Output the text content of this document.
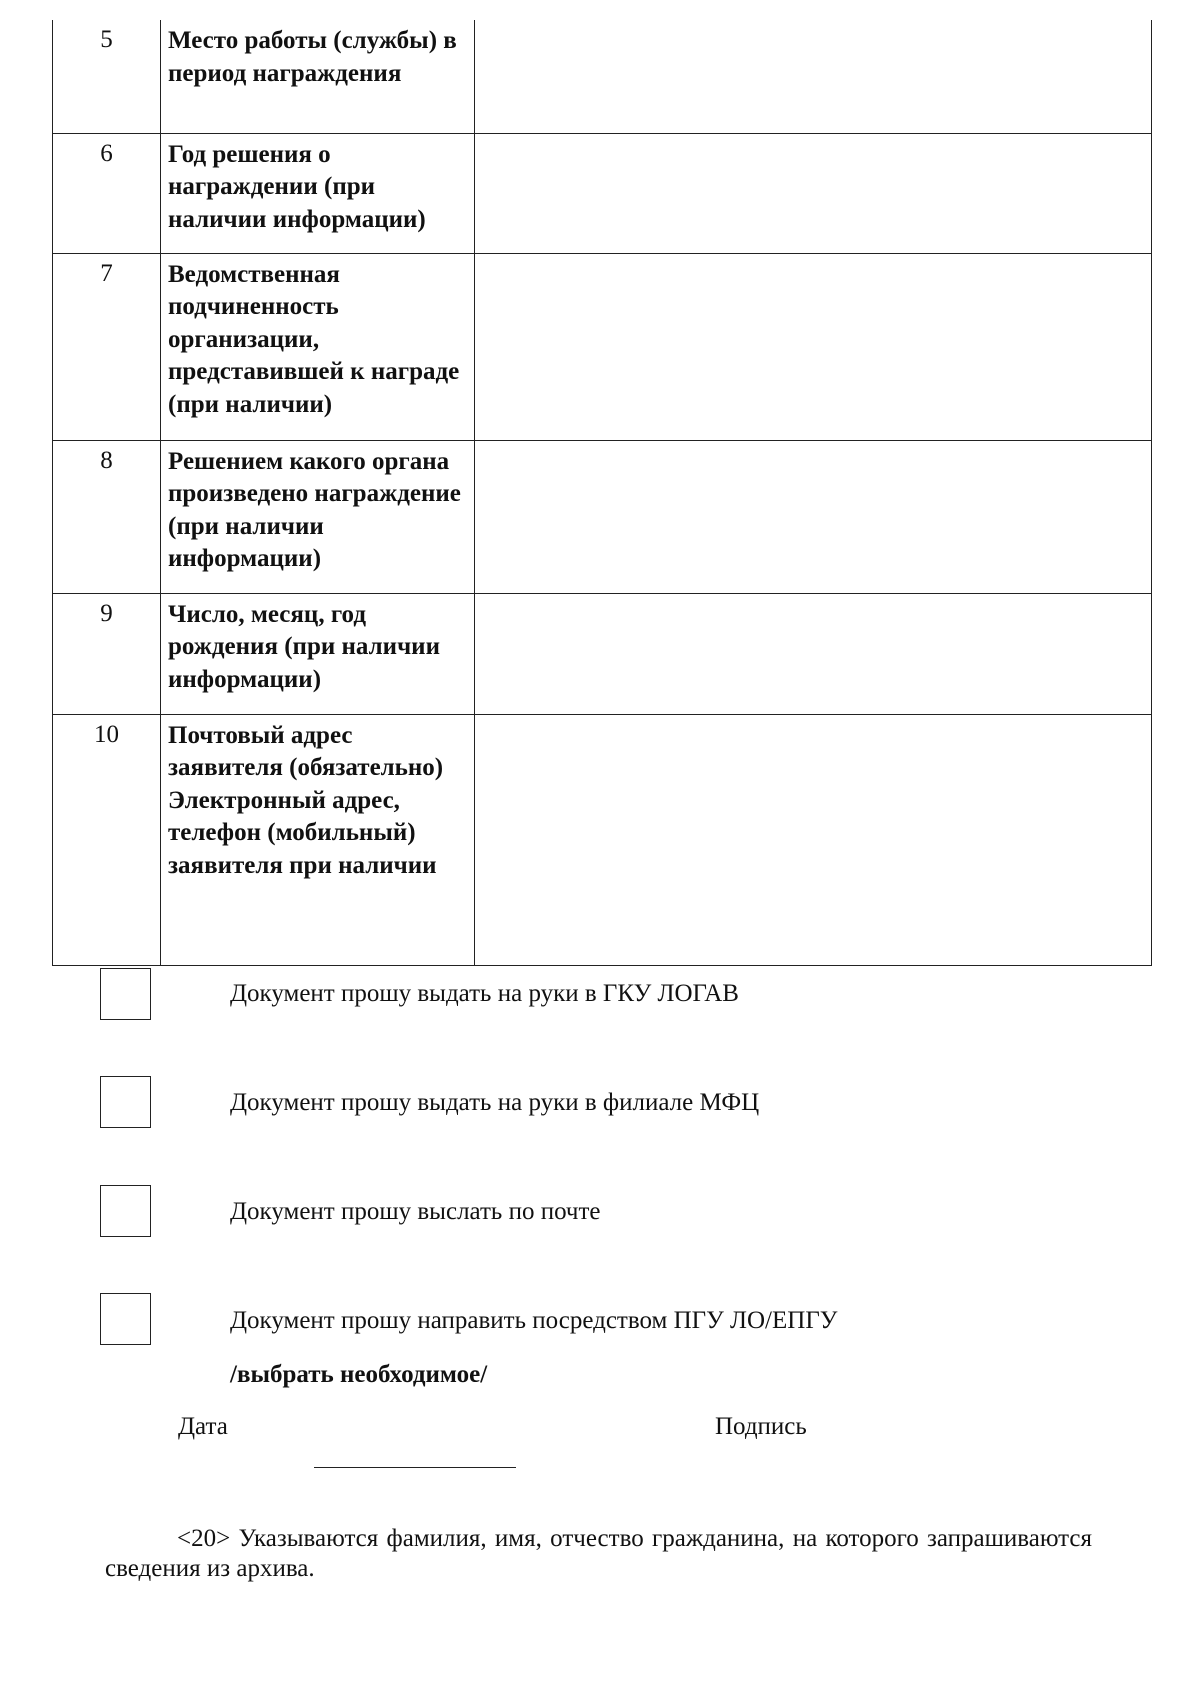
5	Место работы (службы) в период награждения	
6	Год решения о награждении (при наличии информации)	
7	Ведомственная подчиненность организации, представившей к награде (при наличии)	
8	Решением какого органа произведено награждение (при наличии информации)	
9	Число, месяц, год рождения (при наличии информации)	
10	Почтовый адрес заявителя (обязательно) Электронный адрес, телефон (мобильный) заявителя при наличии	
Документ прошу выдать на руки в ГКУ ЛОГАВ
Документ прошу выдать на руки в филиале МФЦ
Документ прошу выслать по почте
Документ прошу направить посредством ПГУ ЛО/ЕПГУ
/выбрать необходимое/
Дата	Подпись
<20> Указываются фамилия, имя, отчество гражданина, на которого запрашиваются сведения из архива.
